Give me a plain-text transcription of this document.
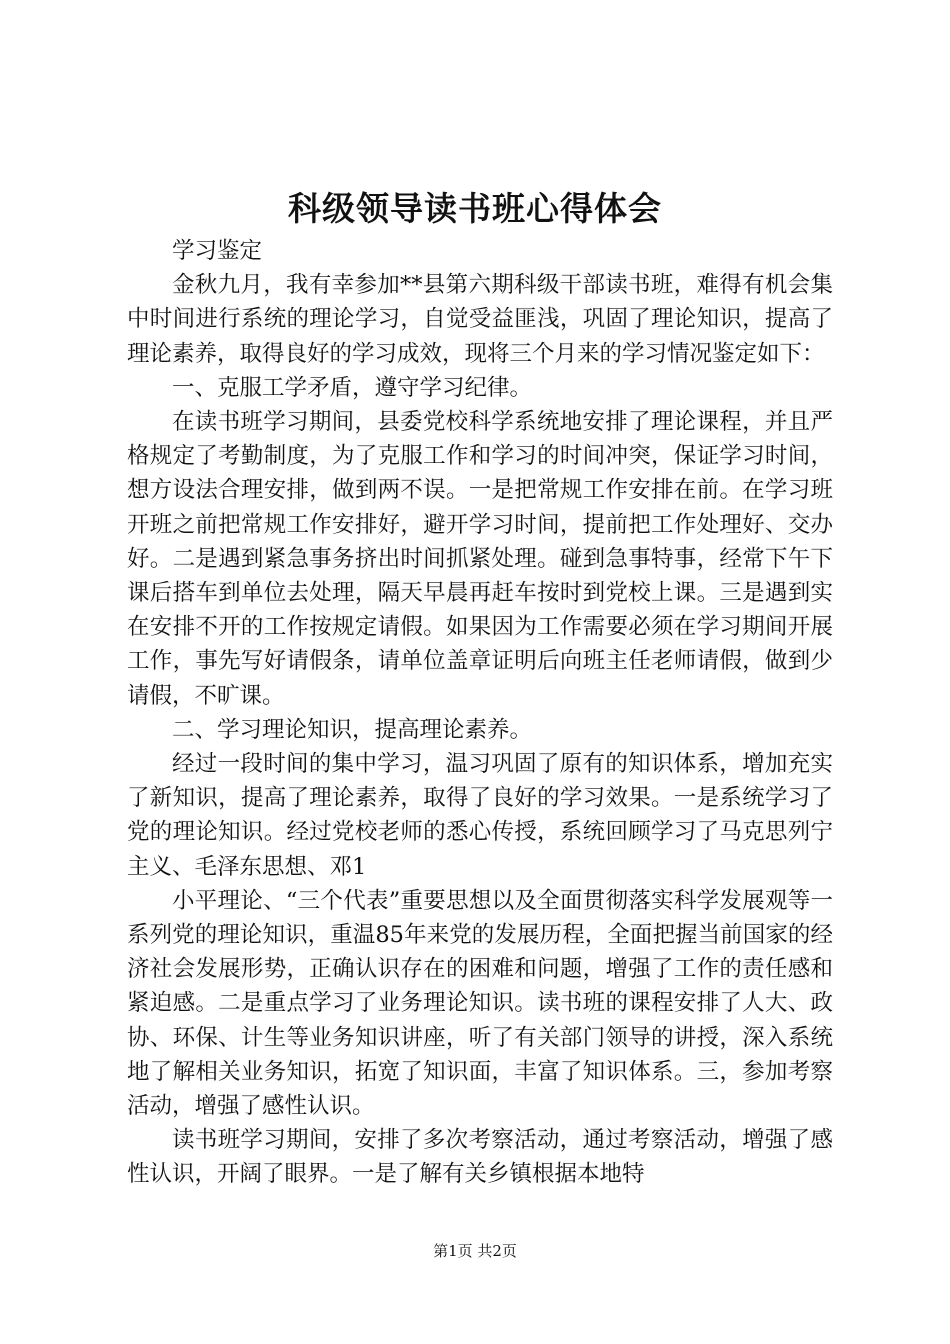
科级领导读书班心得体会

学习鉴定

金秋九月，我有幸参加**县第六期科级干部读书班，难得有机会集中时间进行系统的理论学习，自觉受益匪浅，巩固了理论知识，提高了理论素养，取得良好的学习成效，现将三个月来的学习情况鉴定如下：

一、克服工学矛盾，遵守学习纪律。

在读书班学习期间，县委党校科学系统地安排了理论课程，并且严格规定了考勤制度，为了克服工作和学习的时间冲突，保证学习时间，想方设法合理安排，做到两不误。一是把常规工作安排在前。在学习班开班之前把常规工作安排好，避开学习时间，提前把工作处理好、交办好。二是遇到紧急事务挤出时间抓紧处理。碰到急事特事，经常下午下课后搭车到单位去处理，隔天早晨再赶车按时到党校上课。三是遇到实在安排不开的工作按规定请假。如果因为工作需要必须在学习期间开展工作，事先写好请假条，请单位盖章证明后向班主任老师请假，做到少请假，不旷课。

二、学习理论知识，提高理论素养。

经过一段时间的集中学习，温习巩固了原有的知识体系，增加充实了新知识，提高了理论素养，取得了良好的学习效果。一是系统学习了党的理论知识。经过党校老师的悉心传授，系统回顾学习了马克思列宁主义、毛泽东思想、邓1

小平理论、“三个代表”重要思想以及全面贯彻落实科学发展观等一系列党的理论知识，重温85年来党的发展历程，全面把握当前国家的经济社会发展形势，正确认识存在的困难和问题，增强了工作的责任感和紧迫感。二是重点学习了业务理论知识。读书班的课程安排了人大、政协、环保、计生等业务知识讲座，听了有关部门领导的讲授，深入系统地了解相关业务知识，拓宽了知识面，丰富了知识体系。三，参加考察活动，增强了感性认识。

读书班学习期间，安排了多次考察活动，通过考察活动，增强了感性认识，开阔了眼界。一是了解有关乡镇根据本地特

第1页 共2页
